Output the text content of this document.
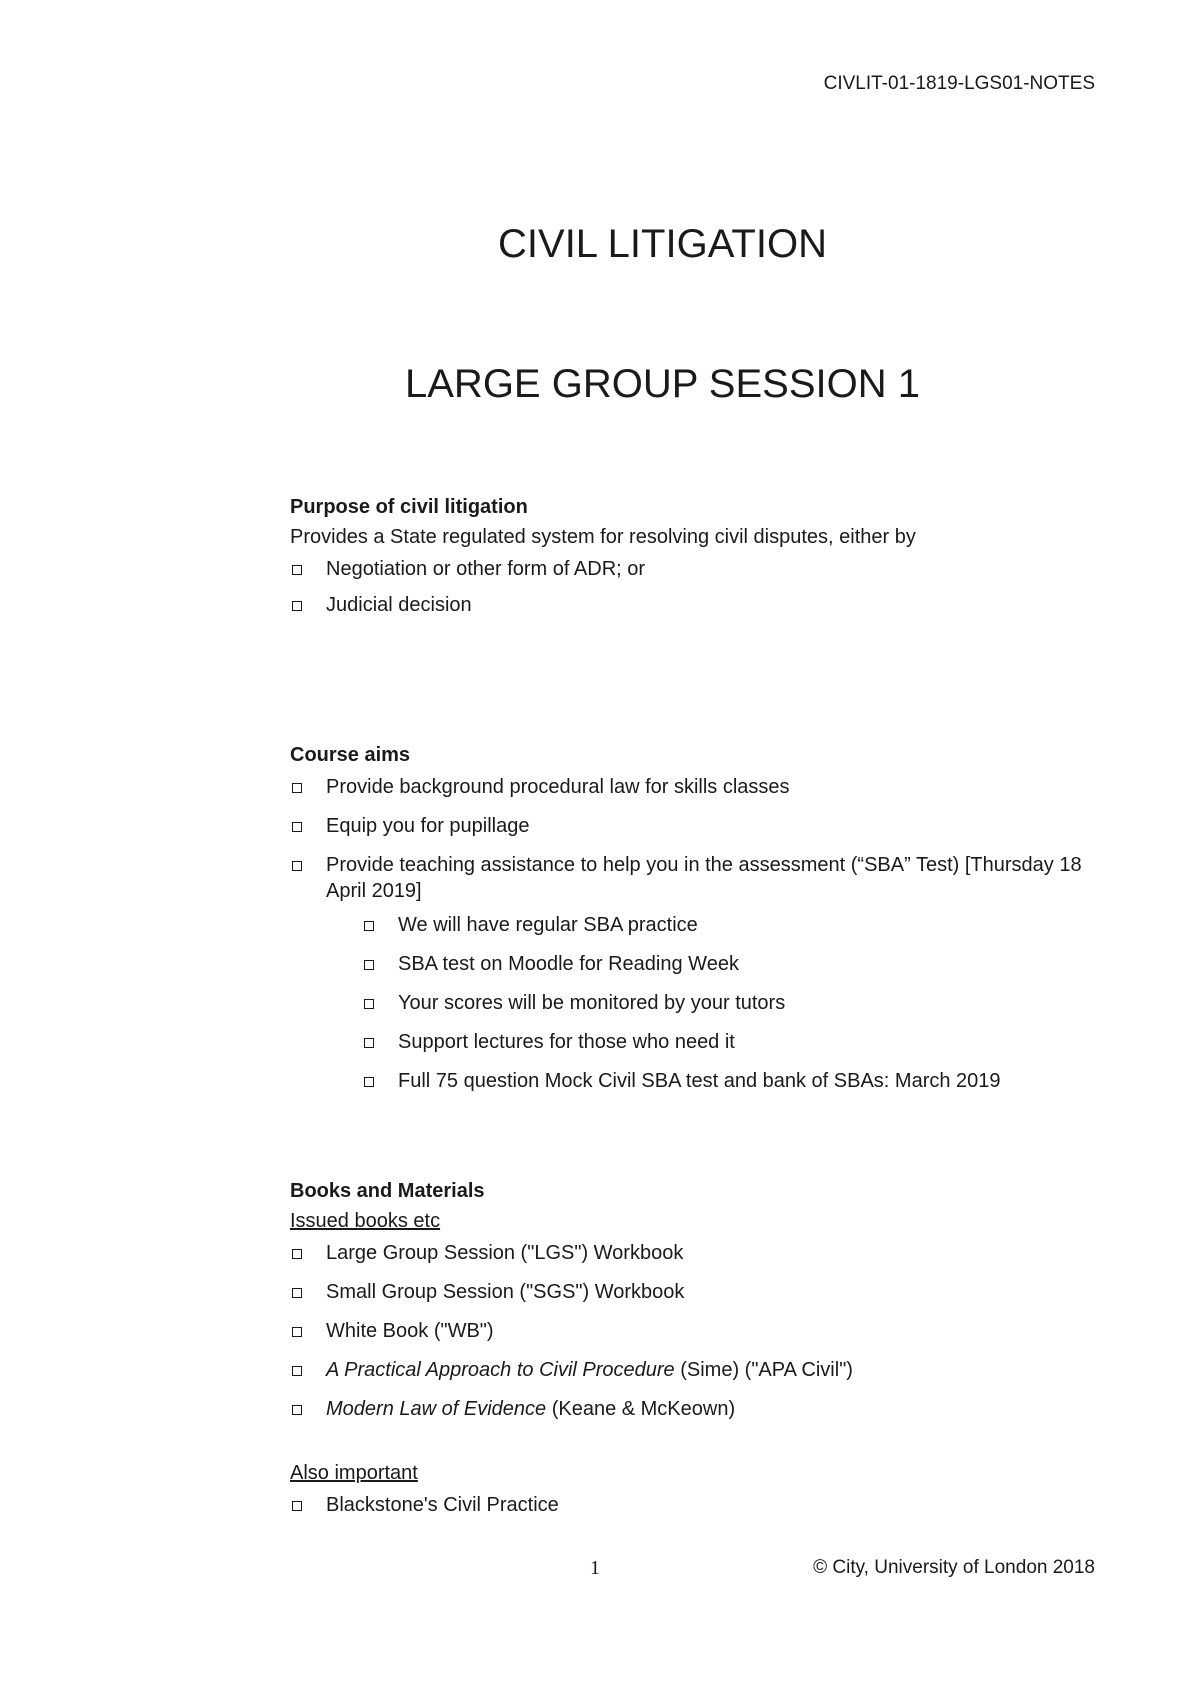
CIVLIT-01-1819-LGS01-NOTES
CIVIL LITIGATION
LARGE GROUP SESSION 1

Purpose of civil litigation

Provides a State regulated system for resolving civil disputes, either by

Negotiation or other form of ADR; or
Judicial decision

Course aims

Provide background procedural law for skills classes
Equip you for pupillage
Provide teaching assistance to help you in the assessment (“SBA” Test) [Thursday 18 April 2019]
We will have regular SBA practice
SBA test on Moodle for Reading Week
Your scores will be monitored by your tutors
Support lectures for those who need it
Full 75 question Mock Civil SBA test and bank of SBAs: March 2019

Books and Materials

Issued books etc

Large Group Session ("LGS") Workbook
Small Group Session ("SGS") Workbook
White Book ("WB")
A Practical Approach to Civil Procedure (Sime) ("APA Civil")
Modern Law of Evidence (Keane & McKeown)

Also important

Blackstone's Civil Practice
1	© City, University of London 2018
